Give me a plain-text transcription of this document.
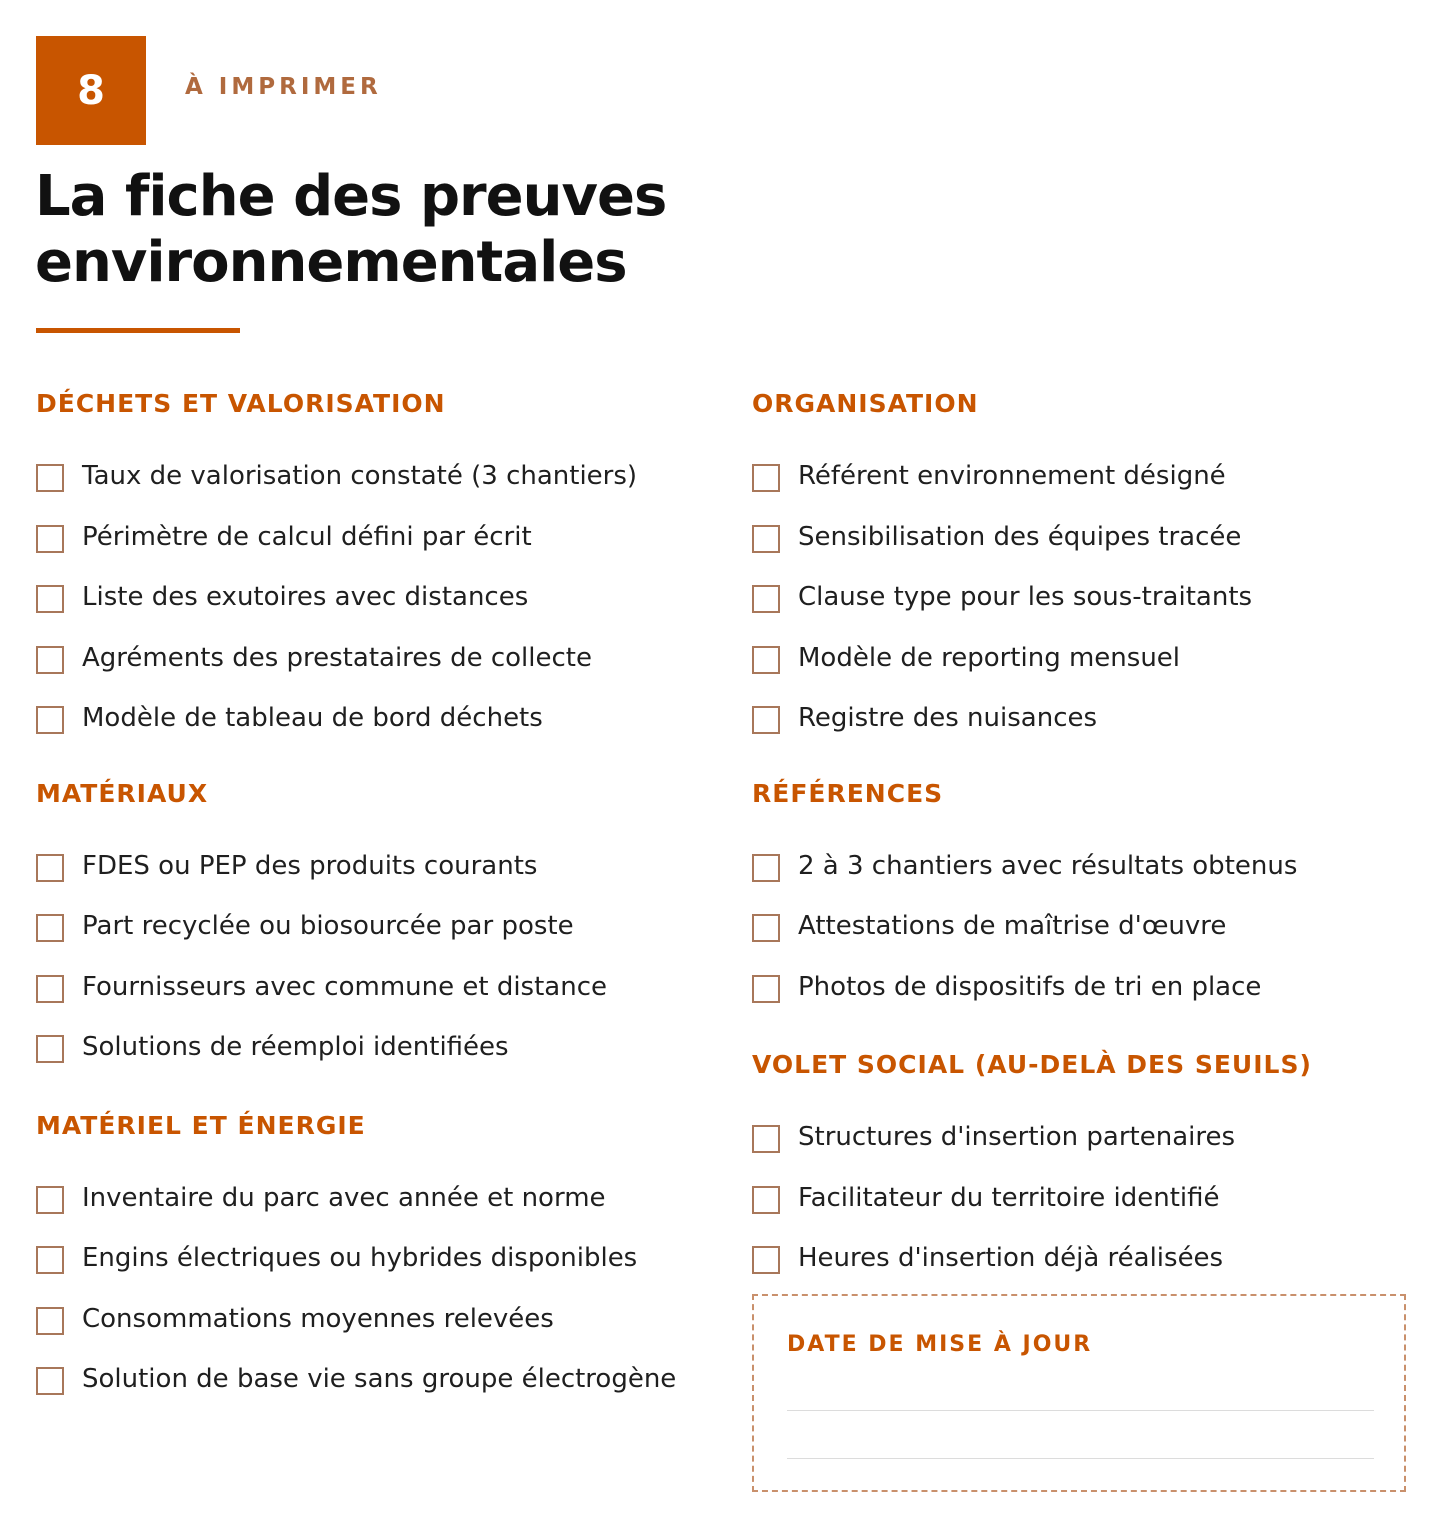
8	À IMPRIMER
La fiche des preuves
environnementales
DÉCHETS ET VALORISATION
Taux de valorisation constaté (3 chantiers)
Périmètre de calcul défini par écrit
Liste des exutoires avec distances
Agréments des prestataires de collecte
Modèle de tableau de bord déchets
MATÉRIAUX
FDES ou PEP des produits courants
Part recyclée ou biosourcée par poste
Fournisseurs avec commune et distance
Solutions de réemploi identifiées
MATÉRIEL ET ÉNERGIE
Inventaire du parc avec année et norme
Engins électriques ou hybrides disponibles
Consommations moyennes relevées
Solution de base vie sans groupe électrogène
ORGANISATION
Référent environnement désigné
Sensibilisation des équipes tracée
Clause type pour les sous-traitants
Modèle de reporting mensuel
Registre des nuisances
RÉFÉRENCES
2 à 3 chantiers avec résultats obtenus
Attestations de maîtrise d'œuvre
Photos de dispositifs de tri en place
VOLET SOCIAL (AU-DELÀ DES SEUILS)
Structures d'insertion partenaires
Facilitateur du territoire identifié
Heures d'insertion déjà réalisées
DATE DE MISE À JOUR
